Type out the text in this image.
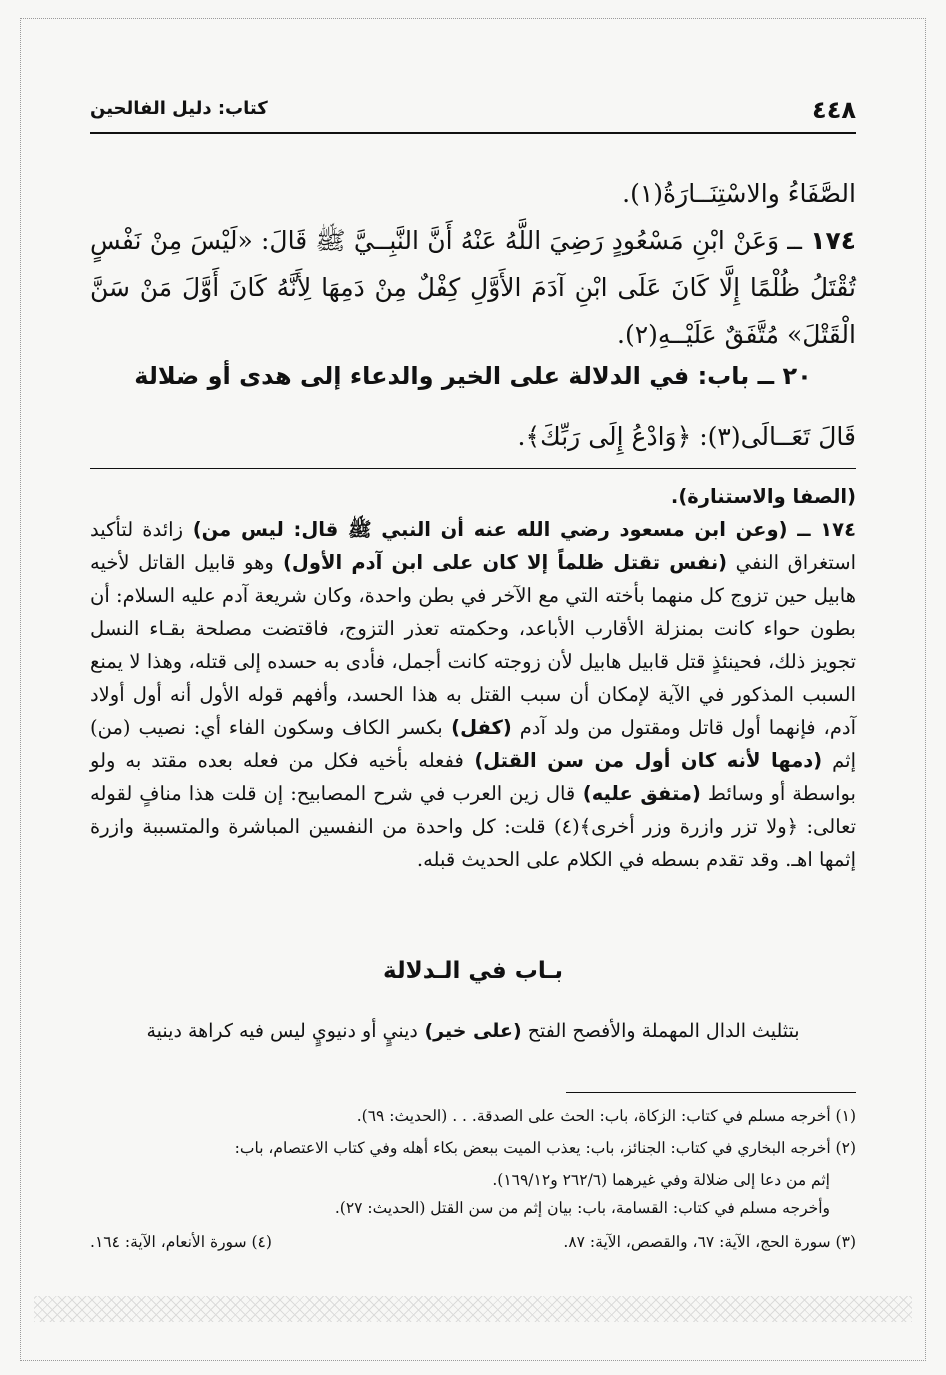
٤٤٨
كتاب: دليل الفالحين

الصَّفَاءُ والاسْتِنَــارَةُ(١).

١٧٤ ــ وَعَنْ ابْنِ مَسْعُودٍ رَضِيَ اللَّهُ عَنْهُ أَنَّ النَّبِــيَّ ﷺ قَالَ: «لَيْسَ مِنْ نَفْسٍ تُقْتَلُ ظُلْمًا إِلَّا كَانَ عَلَى ابْنِ آدَمَ الأَوَّلِ كِفْلٌ مِنْ دَمِهَا لِأَنَّهُ كَانَ أَوَّلَ مَنْ سَنَّ الْقَتْلَ» مُتَّفَقٌ عَلَيْــهِ(٢).

٢٠ ــ باب: في الدلالة على الخير والدعاء إلى هدى أو ضلالة
قَالَ تَعَــالَى(٣): ﴿وَادْعُ إِلَى رَبِّكَ﴾.

(الصفا والاستنارة).

١٧٤ ــ (وعن ابن مسعود رضي الله عنه أن النبي ﷺ قال: ليس من) زائدة لتأكيد استغراق النفي (نفس تقتل ظلماً إلا كان على ابن آدم الأول) وهو قابيل القاتل لأخيه هابيل حين تزوج كل منهما بأخته التي مع الآخر في بطن واحدة، وكان شريعة آدم عليه السلام: أن بطون حواء كانت بمنزلة الأقارب الأباعد، وحكمته تعذر التزوج، فاقتضت مصلحة بقـاء النسل تجويز ذلك، فحينئذٍ قتل قابيل هابيل لأن زوجته كانت أجمل، فأدى به حسده إلى قتله، وهذا لا يمنع السبب المذكور في الآية لإمكان أن سبب القتل به هذا الحسد، وأفهم قوله الأول أنه أول أولاد آدم، فإنهما أول قاتل ومقتول من ولد آدم (كفل) بكسر الكاف وسكون الفاء أي: نصيب (من) إثم (دمها لأنه كان أول من سن القتل) ففعله بأخيه فكل من فعله بعده مقتد به ولو بواسطة أو وسائط (متفق عليه) قال زين العرب في شرح المصابيح: إن قلت هذا منافٍ لقوله تعالى: ﴿ولا تزر وازرة وزر أخرى﴾(٤) قلت: كل واحدة من النفسين المباشرة والمتسببة وازرة إثمها اهـ. وقد تقدم بسطه في الكلام على الحديث قبله.

بـاب في الـدلالة
بتثليث الدال المهملة والأفصح الفتح (على خير) دينيٍ أو دنيويٍ ليس فيه كراهة دينية

(١) أخرجه مسلم في كتاب: الزكاة، باب: الحث على الصدقة. . . (الحديث: ٦٩).

(٢) أخرجه البخاري في كتاب: الجنائز، باب: يعذب الميت ببعض بكاء أهله وفي كتاب الاعتصام، باب:

إثم من دعا إلى ضلالة وفي غيرهما (٢٦٢/٦ و١٦٩/١٢).

وأخرجه مسلم في كتاب: القسامة، باب: بيان إثم من سن القتل (الحديث: ٢٧).

(٣) سورة الحج، الآية: ٦٧، والقصص، الآية: ٨٧.
(٤) سورة الأنعام، الآية: ١٦٤.
